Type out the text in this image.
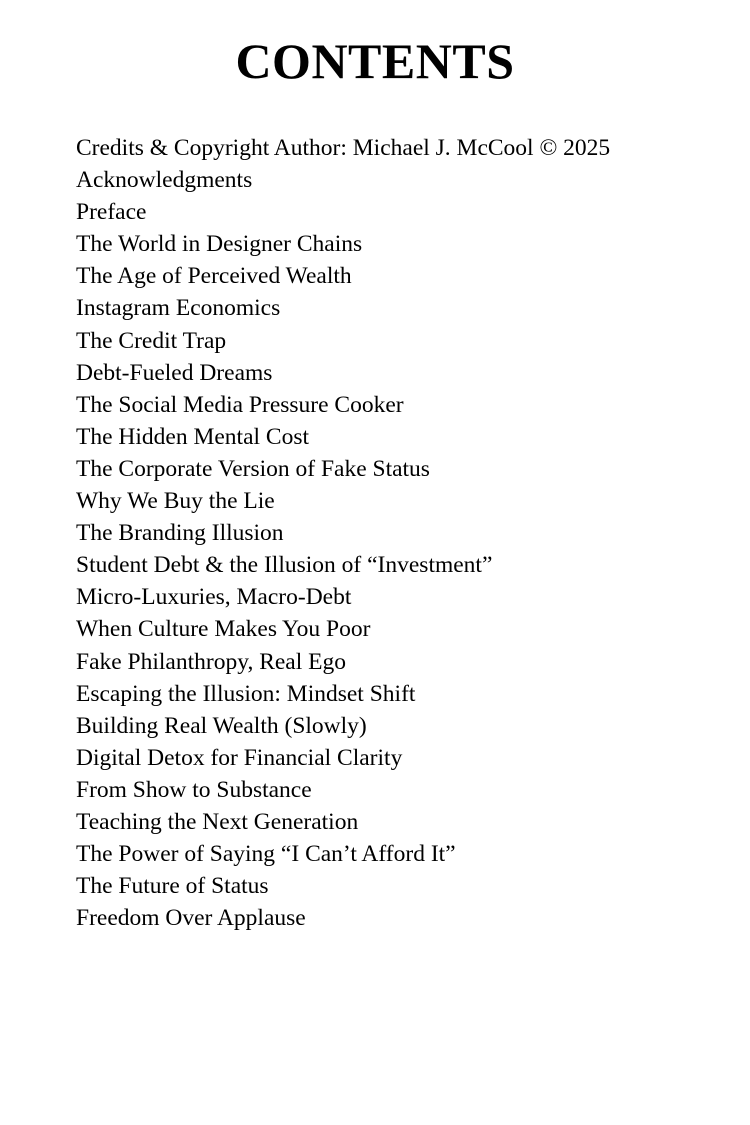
CONTENTS
Credits & Copyright Author: Michael J. McCool © 2025
Acknowledgments
Preface
The World in Designer Chains
The Age of Perceived Wealth
Instagram Economics
The Credit Trap
Debt-Fueled Dreams
The Social Media Pressure Cooker
The Hidden Mental Cost
The Corporate Version of Fake Status
Why We Buy the Lie
The Branding Illusion
Student Debt & the Illusion of “Investment”
Micro-Luxuries, Macro-Debt
When Culture Makes You Poor
Fake Philanthropy, Real Ego
Escaping the Illusion: Mindset Shift
Building Real Wealth (Slowly)
Digital Detox for Financial Clarity
From Show to Substance
Teaching the Next Generation
The Power of Saying “I Can’t Afford It”
The Future of Status
Freedom Over Applause
